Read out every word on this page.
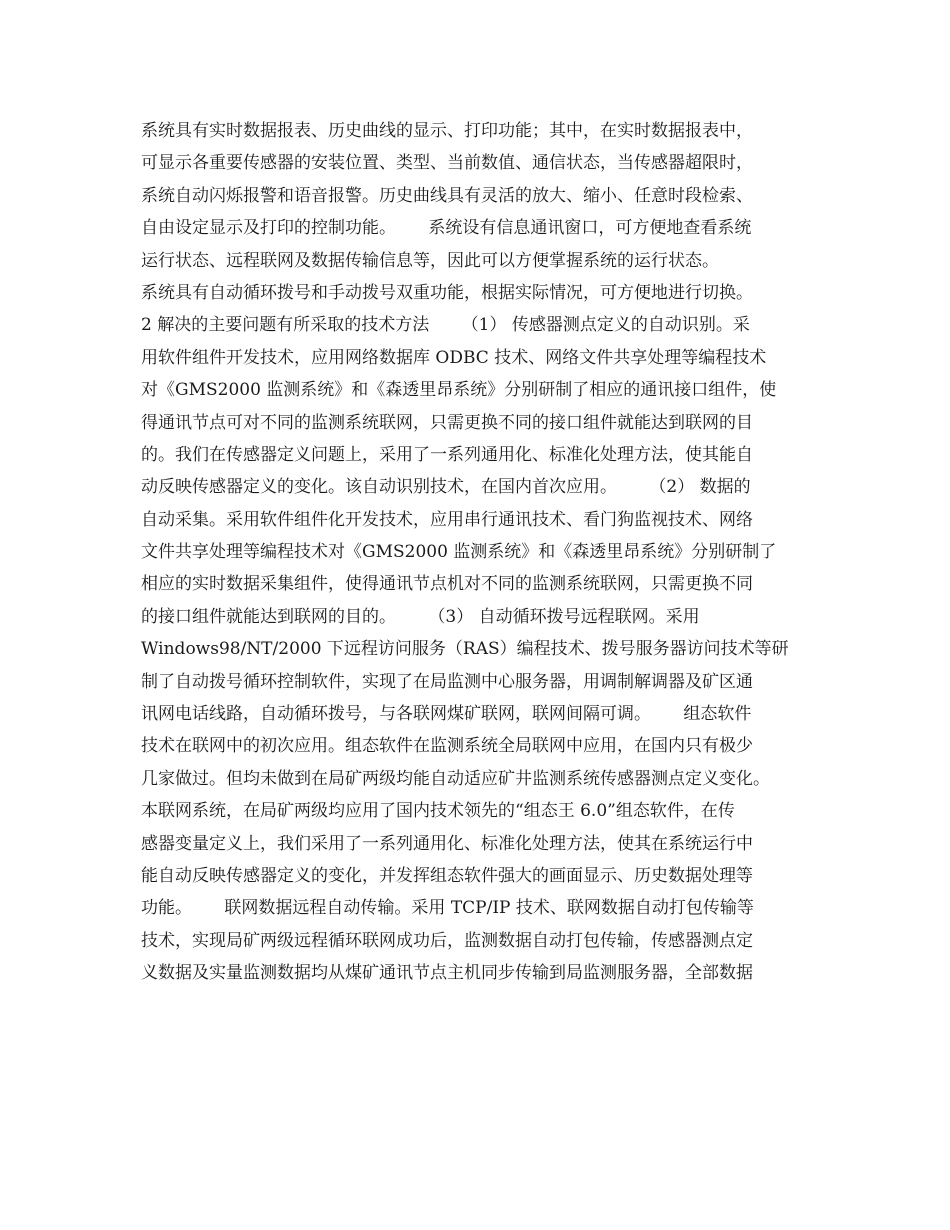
系统具有实时数据报表、历史曲线的显示、打印功能；其中，在实时数据报表中，
可显示各重要传感器的安装位置、类型、当前数值、通信状态，当传感器超限时，
系统自动闪烁报警和语音报警。历史曲线具有灵活的放大、缩小、任意时段检索、
自由设定显示及打印的控制功能。      系统设有信息通讯窗口，可方便地查看系统
运行状态、远程联网及数据传输信息等，因此可以方便掌握系统的运行状态。
系统具有自动循环拨号和手动拨号双重功能，根据实际情况，可方便地进行切换。
2 解决的主要问题有所采取的技术方法      （1） 传感器测点定义的自动识别。采
用软件组件开发技术，应用网络数据库 ODBC 技术、网络文件共享处理等编程技术
对《GMS2000 监测系统》和《森透里昂系统》分别研制了相应的通讯接口组件，使
得通讯节点可对不同的监测系统联网，只需更换不同的接口组件就能达到联网的目
的。我们在传感器定义问题上，采用了一系列通用化、标准化处理方法，使其能自
动反映传感器定义的变化。该自动识别技术，在国内首次应用。      （2） 数据的
自动采集。采用软件组件化开发技术，应用串行通讯技术、看门狗监视技术、网络
文件共享处理等编程技术对《GMS2000 监测系统》和《森透里昂系统》分别研制了
相应的实时数据采集组件，使得通讯节点机对不同的监测系统联网，只需更换不同
的接口组件就能达到联网的目的。      （3） 自动循环拨号远程联网。采用
Windows98/NT/2000 下远程访问服务（RAS）编程技术、拨号服务器访问技术等研
制了自动拨号循环控制软件，实现了在局监测中心服务器，用调制解调器及矿区通
讯网电话线路，自动循环拨号，与各联网煤矿联网，联网间隔可调。      组态软件
技术在联网中的初次应用。组态软件在监测系统全局联网中应用，在国内只有极少
几家做过。但均未做到在局矿两级均能自动适应矿井监测系统传感器测点定义变化。
本联网系统，在局矿两级均应用了国内技术领先的“组态王 6.0”组态软件，在传
感器变量定义上，我们采用了一系列通用化、标准化处理方法，使其在系统运行中
能自动反映传感器定义的变化，并发挥组态软件强大的画面显示、历史数据处理等
功能。      联网数据远程自动传输。采用 TCP/IP 技术、联网数据自动打包传输等
技术，实现局矿两级远程循环联网成功后，监测数据自动打包传输，传感器测点定
义数据及实量监测数据均从煤矿通讯节点主机同步传输到局监测服务器，全部数据
